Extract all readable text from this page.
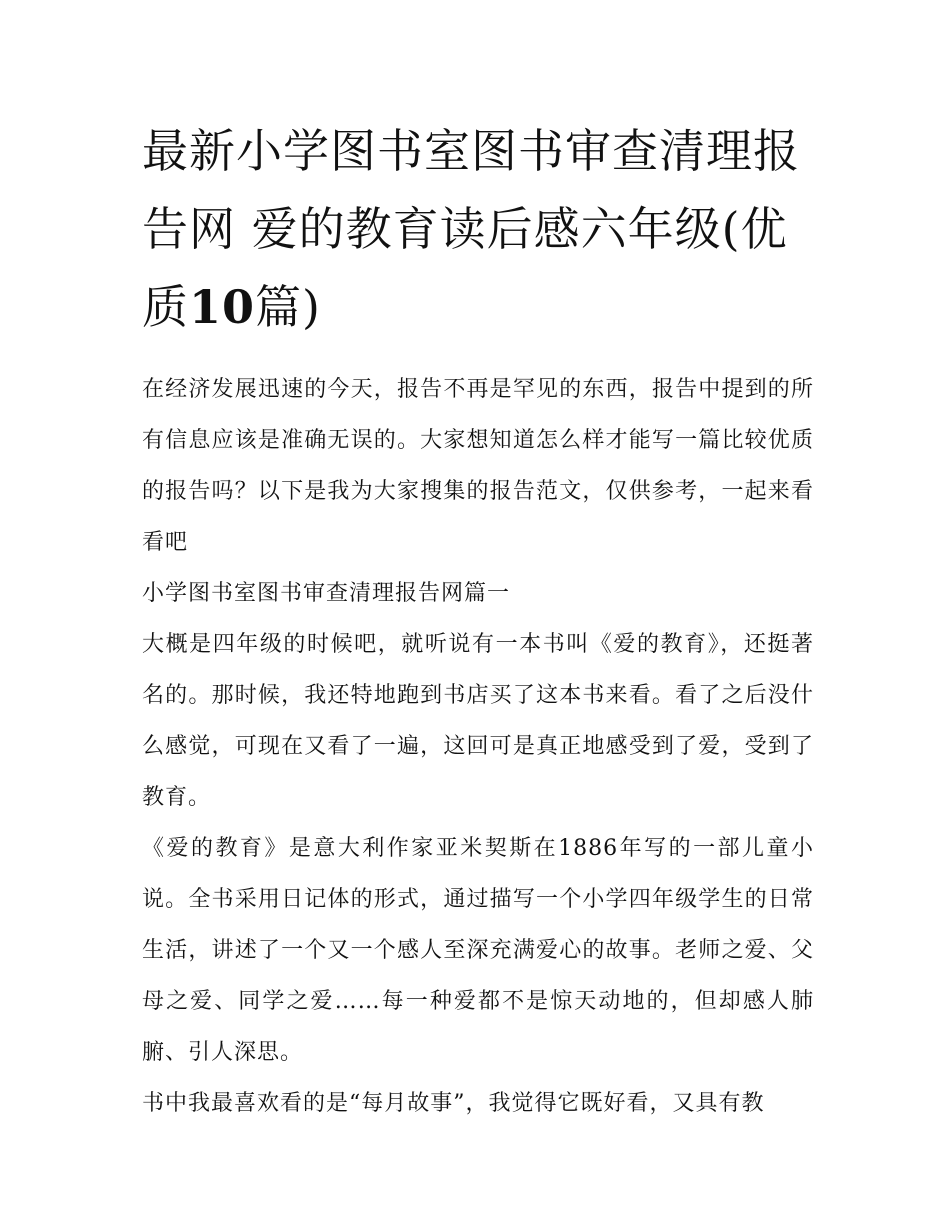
最新小学图书室图书审查清理报告网 爱的教育读后感六年级(优质10篇)

在经济发展迅速的今天，报告不再是罕见的东西，报告中提到的所有信息应该是准确无误的。大家想知道怎么样才能写一篇比较优质的报告吗？以下是我为大家搜集的报告范文，仅供参考，一起来看看吧

小学图书室图书审查清理报告网篇一

大概是四年级的时候吧，就听说有一本书叫《爱的教育》，还挺著名的。那时候，我还特地跑到书店买了这本书来看。看了之后没什么感觉，可现在又看了一遍，这回可是真正地感受到了爱，受到了教育。

《爱的教育》是意大利作家亚米契斯在1886年写的一部儿童小说。全书采用日记体的形式，通过描写一个小学四年级学生的日常生活，讲述了一个又一个感人至深充满爱心的故事。老师之爱、父母之爱、同学之爱……每一种爱都不是惊天动地的，但却感人肺腑、引人深思。

书中我最喜欢看的是“每月故事”，我觉得它既好看，又具有教
